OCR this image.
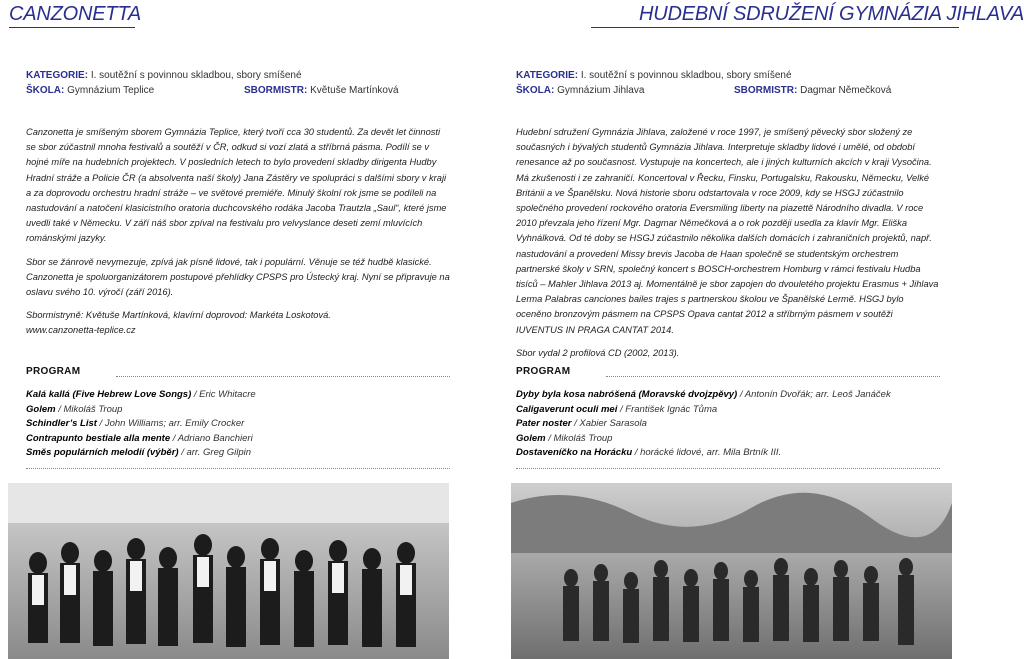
CANZONETTA
KATEGORIE: I. soutěžní s povinnou skladbou, sbory smíšené
ŠKOLA: Gymnázium Teplice	SBORMISTR: Květuše Martínková

Canzonetta je smíšeným sborem Gymnázia Teplice, který tvoří cca 30 studentů. Za devět let činnosti se sbor zúčastnil mnoha festivalů a soutěží v ČR, odkud si vozí zlatá a stříbrná pásma. Podílí se v hojné míře na hudebních projektech. V posledních letech to bylo provedení skladby dirigenta Hudby Hradní stráže a Policie ČR (a absolventa naší školy) Jana Zástěry ve spolupráci s dalšími sbory v kraji a za doprovodu orchestru hradní stráže – ve světové premiéře. Minulý školní rok jsme se podíleli na nastudování a natočení klasicistního oratoria duchcovského rodáka Jacoba Trautzla „Saul“, které jsme uvedli také v Německu. V září náš sbor zpíval na festivalu pro velvyslance deseti zemí mluvících románskými jazyky.

Sbor se žánrově nevymezuje, zpívá jak písně lidové, tak i populární. Věnuje se též hudbě klasické. Canzonetta je spoluorganizátorem postupové přehlídky CPSPS pro Ústecký kraj. Nyní se připravuje na oslavu svého 10. výročí (září 2016).

Sbormistryně: Květuše Martínková, klavírní doprovod: Markéta Loskotová.
www.canzonetta-teplice.cz

PROGRAM
Kalá kallá (Five Hebrew Love Songs) / Eric Whitacre
Golem / Mikoláš Troup
Schindler’s List / John Williams; arr. Emily Crocker
Contrapunto bestiale alla mente / Adriano Banchieri
Směs populárních melodií (výběr) / arr. Greg Gilpin
HUDEBNÍ SDRUŽENÍ GYMNÁZIA JIHLAVA
KATEGORIE: I. soutěžní s povinnou skladbou, sbory smíšené
ŠKOLA: Gymnázium Jihlava	SBORMISTR: Dagmar Němečková

Hudební sdružení Gymnázia Jihlava, založené v roce 1997, je smíšený pěvecký sbor složený ze současných i bývalých studentů Gymnázia Jihlava. Interpretuje skladby lidové i umělé, od období renesance až po současnost. Vystupuje na koncertech, ale i jiných kulturních akcích v kraji Vysočina. Má zkušenosti i ze zahraničí. Koncertoval v Řecku, Finsku, Portugalsku, Rakousku, Německu, Velké Británii a ve Španělsku. Nová historie sboru odstartovala v roce 2009, kdy se HSGJ zúčastnilo společného provedení rockového oratoria Eversmiling liberty na piazettě Národního divadla. V roce 2010 převzala jeho řízení Mgr. Dagmar Němečková a o rok později usedla za klavír Mgr. Eliška Vyhnálková. Od té doby se HSGJ zúčastnilo několika dalších domácích i zahraničních projektů, např. nastudování a provedení Missy brevis Jacoba de Haan společně se studentským orchestrem partnerské školy v SRN, společný koncert s BOSCH-orchestrem Homburg v rámci festivalu Hudba tisíců – Mahler Jihlava 2013 aj. Momentálně je sbor zapojen do dvouletého projektu Erasmus + Jihlava Lerma Palabras canciones bailes trajes s partnerskou školou ve Španělské Lermě. HSGJ bylo oceněno bronzovým pásmem na CPSPS Opava cantat 2012 a stříbrným pásmem v soutěži IUVENTUS IN PRAGA CANTAT 2014.

Sbor vydal 2 profilová CD (2002, 2013).

PROGRAM
Dyby byla kosa nabróšená (Moravské dvojzpěvy) / Antonín Dvořák; arr. Leoš Janáček
Caligaverunt oculi mei / František Ignác Tůma
Pater noster / Xabier Sarasola
Golem / Mikoláš Troup
Dostaveníčko na Horácku / horácké lidové, arr. Mila Brtník III.
